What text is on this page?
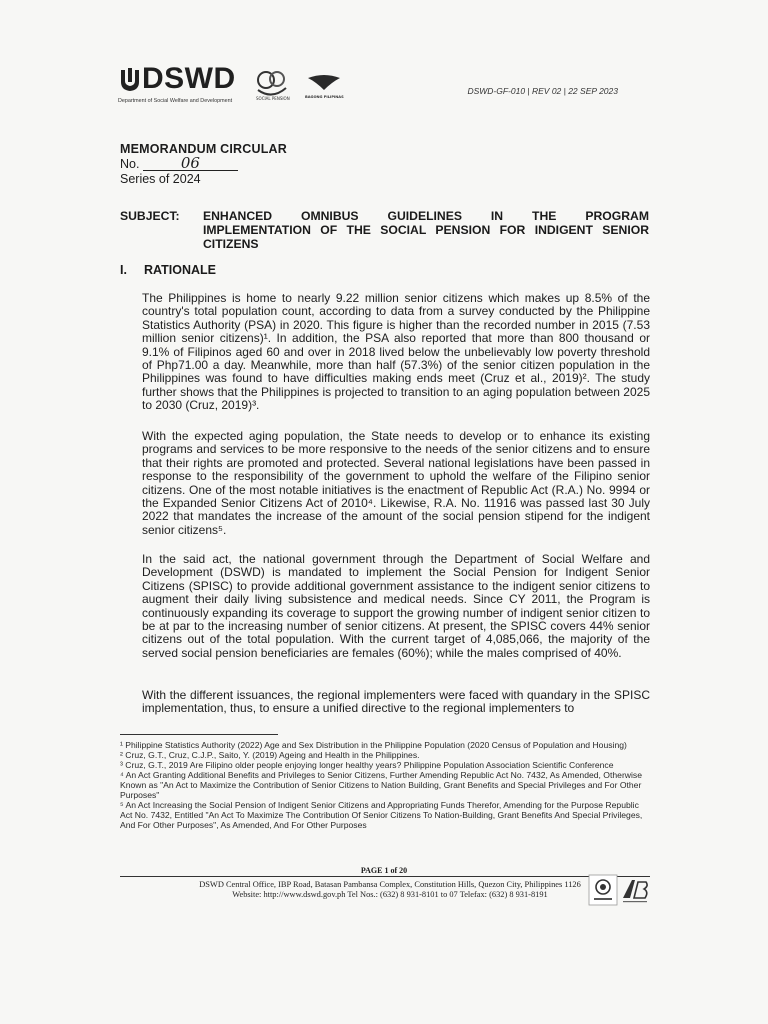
DSWD
Department of Social Welfare and Development	SOCIAL PENSION	BAGONG PILIPINAS
DSWD-GF-010 | REV 02 | 22 SEP 2023
MEMORANDUM CIRCULAR
No.	06
Series of 2024
SUBJECT: ENHANCED OMNIBUS GUIDELINES IN THE PROGRAM
IMPLEMENTATION OF THE SOCIAL PENSION FOR INDIGENT SENIOR CITIZENS
I. RATIONALE

The Philippines is home to nearly 9.22 million senior citizens which makes up 8.5% of the country's total population count, according to data from a survey conducted by the Philippine Statistics Authority (PSA) in 2020. This figure is higher than the recorded number in 2015 (7.53 million senior citizens)¹. In addition, the PSA also reported that more than 800 thousand or 9.1% of Filipinos aged 60 and over in 2018 lived below the unbelievably low poverty threshold of Php71.00 a day. Meanwhile, more than half (57.3%) of the senior citizen population in the Philippines was found to have difficulties making ends meet (Cruz et al., 2019)². The study further shows that the Philippines is projected to transition to an aging population between 2025 to 2030 (Cruz, 2019)³.

With the expected aging population, the State needs to develop or to enhance its existing programs and services to be more responsive to the needs of the senior citizens and to ensure that their rights are promoted and protected. Several national legislations have been passed in response to the responsibility of the government to uphold the welfare of the Filipino senior citizens. One of the most notable initiatives is the enactment of Republic Act (R.A.) No. 9994 or the Expanded Senior Citizens Act of 2010⁴. Likewise, R.A. No. 11916 was passed last 30 July 2022 that mandates the increase of the amount of the social pension stipend for the indigent senior citizens⁵.

In the said act, the national government through the Department of Social Welfare and Development (DSWD) is mandated to implement the Social Pension for Indigent Senior Citizens (SPISC) to provide additional government assistance to the indigent senior citizens to augment their daily living subsistence and medical needs. Since CY 2011, the Program is continuously expanding its coverage to support the growing number of indigent senior citizen to be at par to the increasing number of senior citizens. At present, the SPISC covers 44% senior citizens out of the total population. With the current target of 4,085,066, the majority of the served social pension beneficiaries are females (60%); while the males comprised of 40%.

With the different issuances, the regional implementers were faced with quandary in the SPISC implementation, thus, to ensure a unified directive to the regional implementers to

¹ Philippine Statistics Authority (2022) Age and Sex Distribution in the Philippine Population (2020 Census of Population and Housing)
² Cruz, G.T., Cruz, C.J.P., Saito, Y. (2019) Ageing and Health in the Philippines.
³ Cruz, G.T., 2019 Are Filipino older people enjoying longer healthy years? Philippine Population Association Scientific Conference
⁴ An Act Granting Additional Benefits and Privileges to Senior Citizens, Further Amending Republic Act No. 7432, As Amended, Otherwise Known as "An Act to Maximize the Contribution of Senior Citizens to Nation Building, Grant Benefits and Special Privileges and For Other Purposes"
⁵ An Act Increasing the Social Pension of Indigent Senior Citizens and Appropriating Funds Therefor, Amending for the Purpose Republic Act No. 7432, Entitled "An Act To Maximize The Contribution Of Senior Citizens To Nation-Building, Grant Benefits And Special Privileges, And For Other Purposes", As Amended, And For Other Purposes
PAGE 1 of 20
DSWD Central Office, IBP Road, Batasan Pambansa Complex, Constitution Hills, Quezon City, Philippines 1126
Website: http://www.dswd.gov.ph Tel Nos.: (632) 8 931-8101 to 07 Telefax: (632) 8 931-8191
